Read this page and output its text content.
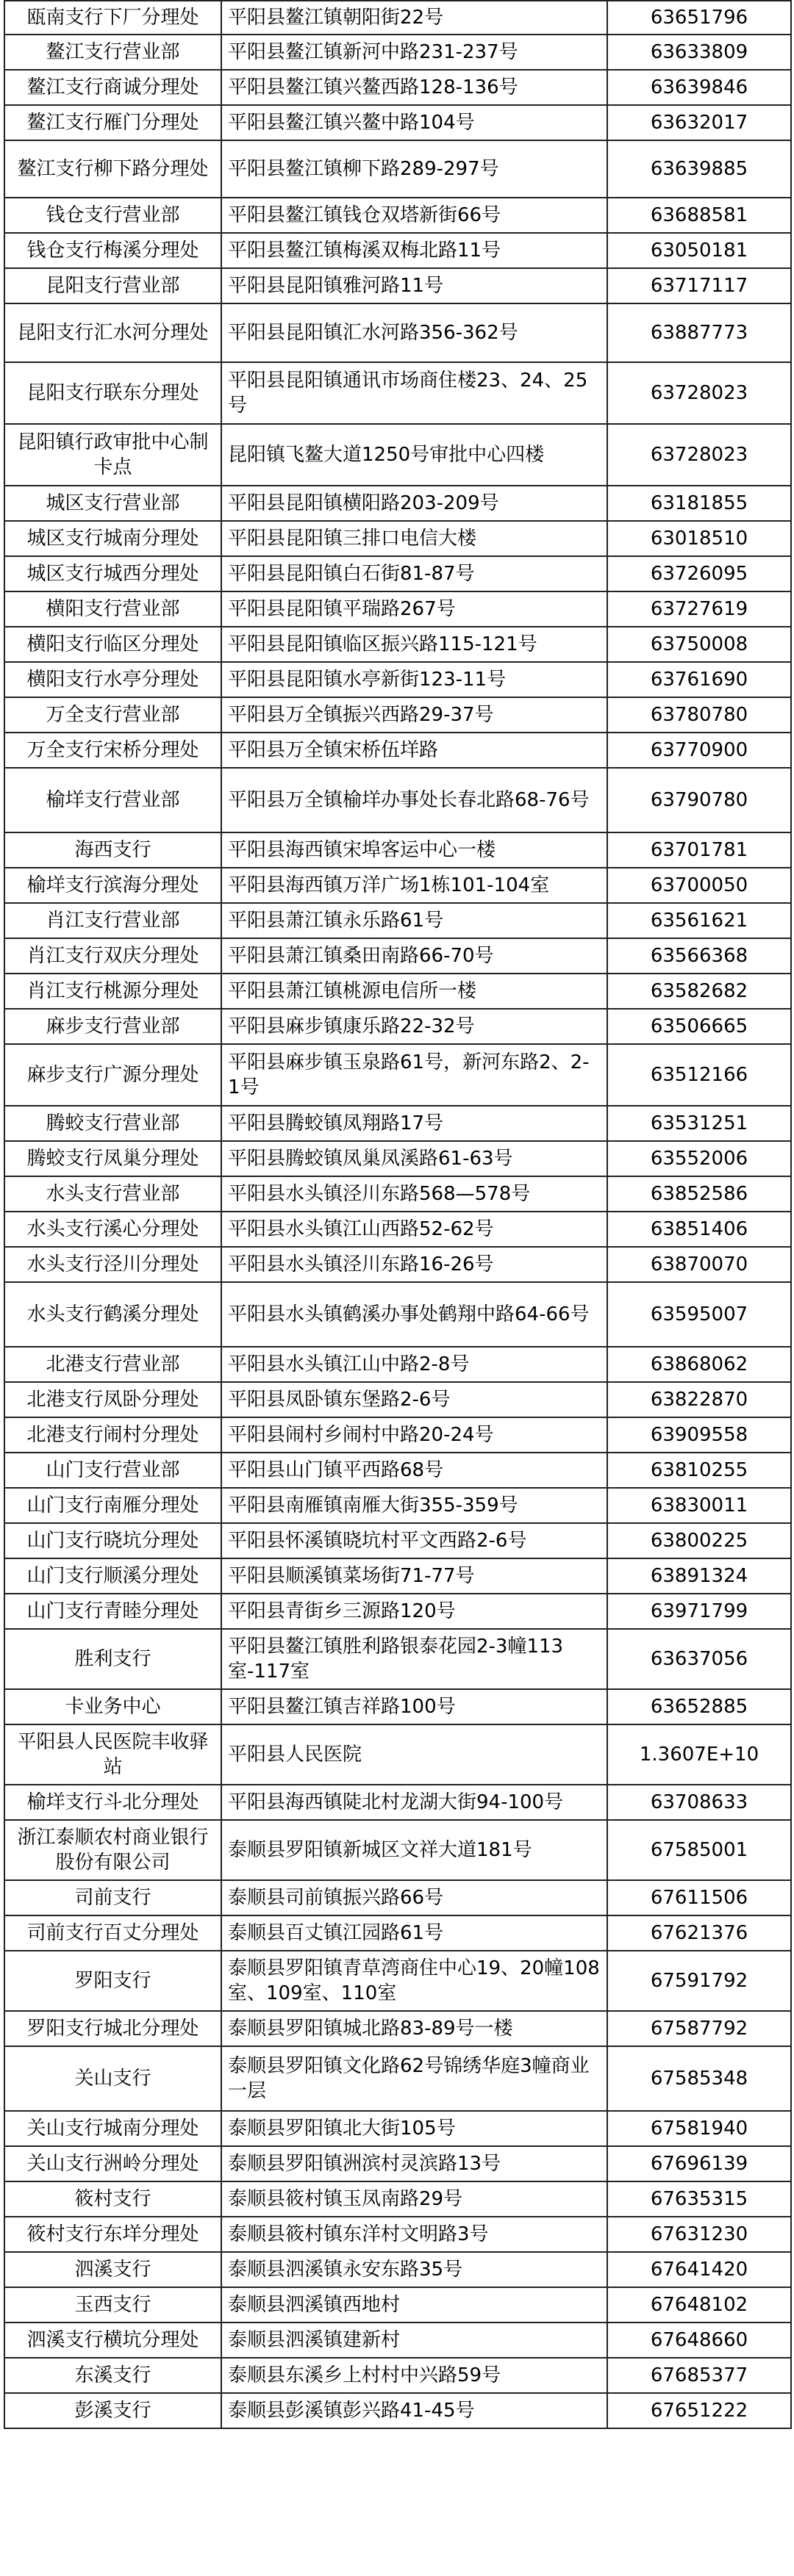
瓯南支行下厂分理处	平阳县鳌江镇朝阳街22号	63651796
鳌江支行营业部	平阳县鳌江镇新河中路231-237号	63633809
鳌江支行商诚分理处	平阳县鳌江镇兴鳌西路128-136号	63639846
鳌江支行雁门分理处	平阳县鳌江镇兴鳌中路104号	63632017
鳌江支行柳下路分理处	平阳县鳌江镇柳下路289-297号	63639885
钱仓支行营业部	平阳县鳌江镇钱仓双塔新街66号	63688581
钱仓支行梅溪分理处	平阳县鳌江镇梅溪双梅北路11号	63050181
昆阳支行营业部	平阳县昆阳镇雅河路11号	63717117
昆阳支行汇水河分理处	平阳县昆阳镇汇水河路356-362号	63887773
昆阳支行联东分理处	平阳县昆阳镇通讯市场商住楼23、24、25号	63728023
昆阳镇行政审批中心制卡点	昆阳镇飞鳌大道1250号审批中心四楼	63728023
城区支行营业部	平阳县昆阳镇横阳路203-209号	63181855
城区支行城南分理处	平阳县昆阳镇三排口电信大楼	63018510
城区支行城西分理处	平阳县昆阳镇白石街81-87号	63726095
横阳支行营业部	平阳县昆阳镇平瑞路267号	63727619
横阳支行临区分理处	平阳县昆阳镇临区振兴路115-121号	63750008
横阳支行水亭分理处	平阳县昆阳镇水亭新街123-11号	63761690
万全支行营业部	平阳县万全镇振兴西路29-37号	63780780
万全支行宋桥分理处	平阳县万全镇宋桥伍垟路	63770900
榆垟支行营业部	平阳县万全镇榆垟办事处长春北路68-76号	63790780
海西支行	平阳县海西镇宋埠客运中心一楼	63701781
榆垟支行滨海分理处	平阳县海西镇万洋广场1栋101-104室	63700050
肖江支行营业部	平阳县萧江镇永乐路61号	63561621
肖江支行双庆分理处	平阳县萧江镇桑田南路66-70号	63566368
肖江支行桃源分理处	平阳县萧江镇桃源电信所一楼	63582682
麻步支行营业部	平阳县麻步镇康乐路22-32号	63506665
麻步支行广源分理处	平阳县麻步镇玉泉路61号，新河东路2、2-1号	63512166
腾蛟支行营业部	平阳县腾蛟镇凤翔路17号	63531251
腾蛟支行凤巢分理处	平阳县腾蛟镇凤巢凤溪路61-63号	63552006
水头支行营业部	平阳县水头镇泾川东路568—578号	63852586
水头支行溪心分理处	平阳县水头镇江山西路52-62号	63851406
水头支行泾川分理处	平阳县水头镇泾川东路16-26号	63870070
水头支行鹤溪分理处	平阳县水头镇鹤溪办事处鹤翔中路64-66号	63595007
北港支行营业部	平阳县水头镇江山中路2-8号	63868062
北港支行凤卧分理处	平阳县凤卧镇东堡路2-6号	63822870
北港支行闹村分理处	平阳县闹村乡闹村中路20-24号	63909558
山门支行营业部	平阳县山门镇平西路68号	63810255
山门支行南雁分理处	平阳县南雁镇南雁大街355-359号	63830011
山门支行晓坑分理处	平阳县怀溪镇晓坑村平文西路2-6号	63800225
山门支行顺溪分理处	平阳县顺溪镇菜场街71-77号	63891324
山门支行青睦分理处	平阳县青街乡三源路120号	63971799
胜利支行	平阳县鳌江镇胜利路银泰花园2-3幢113室-117室	63637056
卡业务中心	平阳县鳌江镇吉祥路100号	63652885
平阳县人民医院丰收驿站	平阳县人民医院	1.3607E+10
榆垟支行斗北分理处	平阳县海西镇陡北村龙湖大街94-100号	63708633
浙江泰顺农村商业银行股份有限公司	泰顺县罗阳镇新城区文祥大道181号	67585001
司前支行	泰顺县司前镇振兴路66号	67611506
司前支行百丈分理处	泰顺县百丈镇江园路61号	67621376
罗阳支行	泰顺县罗阳镇青草湾商住中心19、20幢108室、109室、110室	67591792
罗阳支行城北分理处	泰顺县罗阳镇城北路83-89号一楼	67587792
关山支行	泰顺县罗阳镇文化路62号锦绣华庭3幢商业一层	67585348
关山支行城南分理处	泰顺县罗阳镇北大街105号	67581940
关山支行洲岭分理处	泰顺县罗阳镇洲滨村灵滨路13号	67696139
筱村支行	泰顺县筱村镇玉凤南路29号	67635315
筱村支行东垟分理处	泰顺县筱村镇东洋村文明路3号	67631230
泗溪支行	泰顺县泗溪镇永安东路35号	67641420
玉西支行	泰顺县泗溪镇西地村	67648102
泗溪支行横坑分理处	泰顺县泗溪镇建新村	67648660
东溪支行	泰顺县东溪乡上村村中兴路59号	67685377
彭溪支行	泰顺县彭溪镇彭兴路41-45号	67651222
